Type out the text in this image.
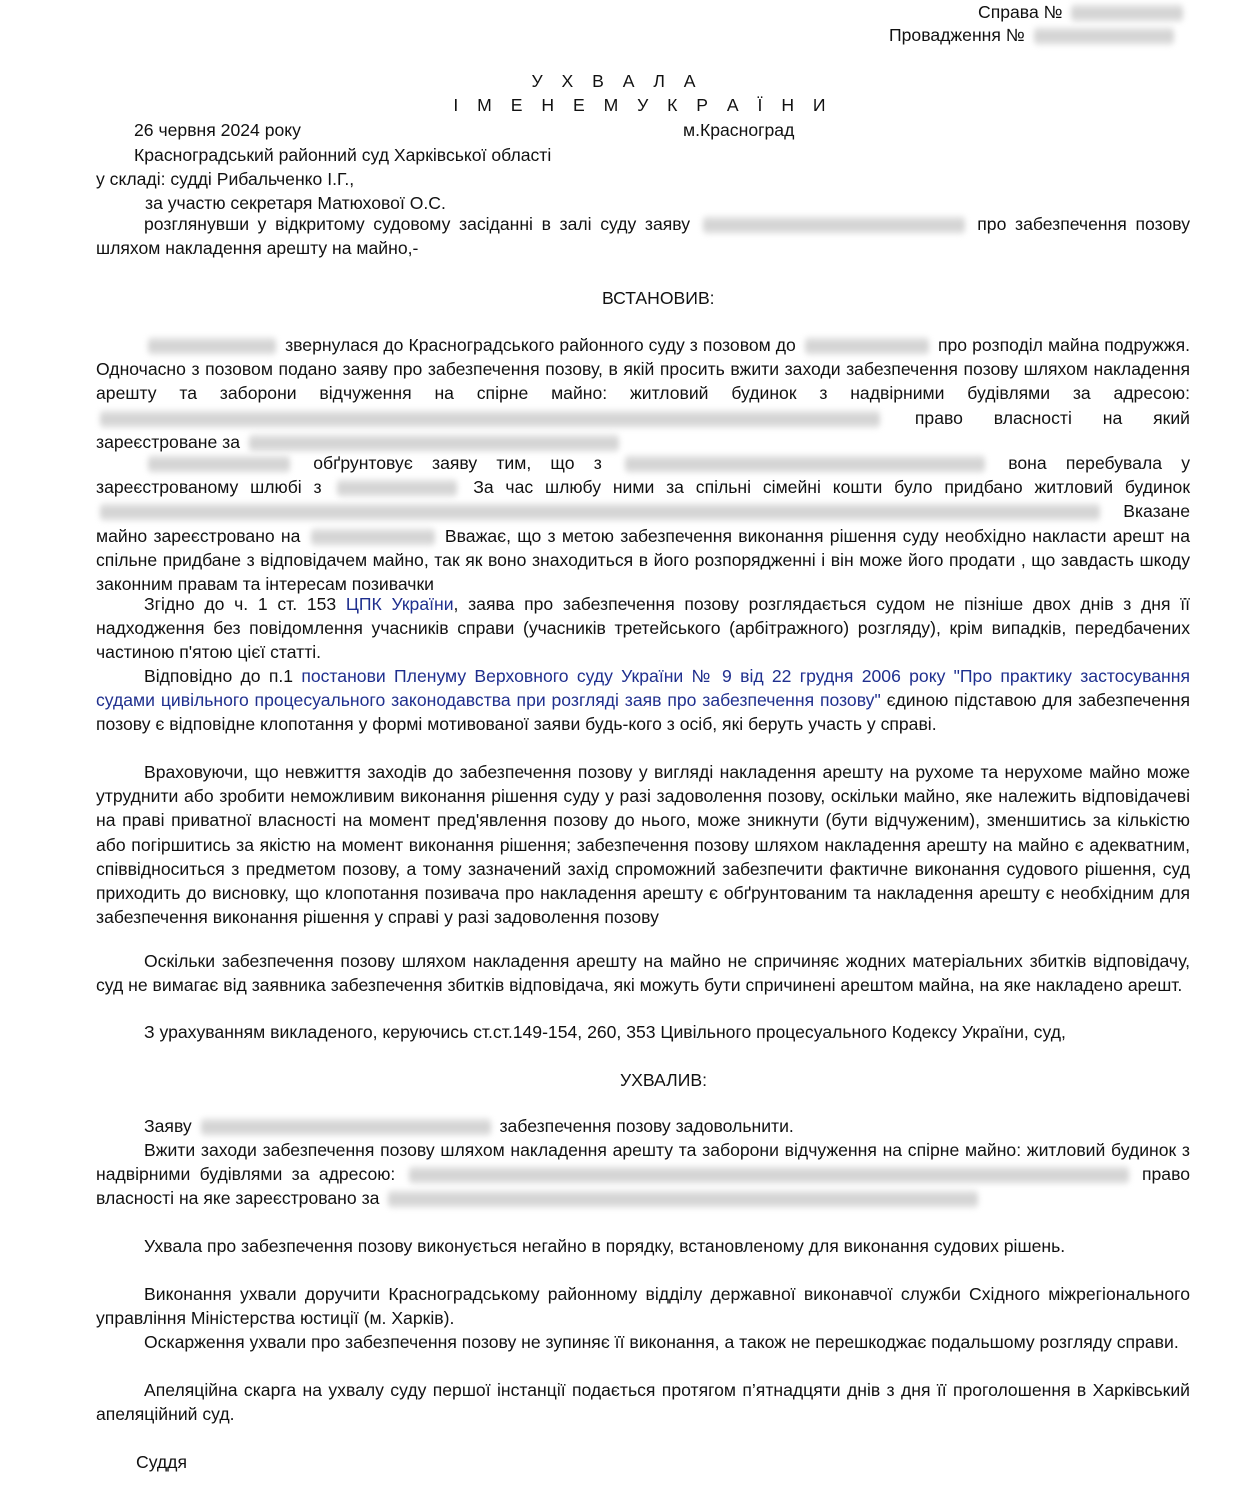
Справа №
Провадження №
У Х В А Л А
І М Е Н Е М У К Р А Ї Н И
26 червня 2024 року	м.Красноград
Красноградський районний суд Харківської області
у складі: судді Рибальченко І.Г.,
за участю секретаря Матюхової О.С.
розглянувши у відкритому судовому засіданні в залі суду заяву	про забезпечення позову шляхом накладення арешту на майно,-
ВСТАНОВИВ:
звернулася до Красноградського районного суду з позовом до	про розподіл майна подружжя. Одночасно з позовом подано заяву про забезпечення позову, в якій просить вжити заходи забезпечення позову шляхом накладення арешту та заборони відчуження на спірне майно: житловий будинок з надвірними будівлями за адресою:  право власності на який зареєстроване за
обґрунтовує заяву тим, що з	вона перебувала у зареєстрованому шлюбі з	За час шлюбу ними за спільні сімейні кошти було придбано житловий будинок  Вказане майно зареєстровано на	Вважає, що з метою забезпечення виконання рішення суду необхідно накласти арешт на спільне придбане з відповідачем майно, так як воно знаходиться в його розпорядженні і він може його продати , що завдасть шкоду законним правам та інтересам позивачки
Згідно до ч. 1 ст. 153 ЦПК України, заява про забезпечення позову розглядається судом не пізніше двох днів з дня її надходження без повідомлення учасників справи (учасників третейського (арбітражного) розгляду), крім випадків, передбачених частиною п'ятою цієї статті.
Відповідно до п.1 постанови Пленуму Верховного суду України № 9 від 22 грудня 2006 року "Про практику застосування судами цивільного процесуального законодавства при розгляді заяв про забезпечення позову" єдиною підставою для забезпечення позову є відповідне клопотання у формі мотивованої заяви будь-кого з осіб, які беруть участь у справі.
Враховуючи, що невжиття заходів до забезпечення позову у вигляді накладення арешту на рухоме та нерухоме майно може утруднити або зробити неможливим виконання рішення суду у разі задоволення позову, оскільки майно, яке належить відповідачеві на праві приватної власності на момент пред'явлення позову до нього, може зникнути (бути відчуженим), зменшитись за кількістю або погіршитись за якістю на момент виконання рішення; забезпечення позову шляхом накладення арешту на майно є адекватним, співвідноситься з предметом позову, а тому зазначений захід спроможний забезпечити фактичне виконання судового рішення, суд приходить до висновку, що клопотання позивача про накладення арешту є обґрунтованим та накладення арешту є необхідним для забезпечення виконання рішення у справі у разі задоволення позову
Оскільки забезпечення позову шляхом накладення арешту на майно не спричиняє жодних матеріальних збитків відповідачу, суд не вимагає від заявника забезпечення збитків відповідача, які можуть бути спричинені арештом майна, на яке накладено арешт.
З урахуванням викладеного, керуючись ст.ст.149-154, 260, 353 Цивільного процесуального Кодексу України, суд,
УХВАЛИВ:
Заяву	забезпечення позову задовольнити.
Вжити заходи забезпечення позову шляхом накладення арешту та заборони відчуження на спірне майно: житловий будинок з надвірними будівлями за адресою:	право власності на яке зареєстровано за
Ухвала про забезпечення позову виконується негайно в порядку, встановленому для виконання судових рішень.
Виконання ухвали доручити Красноградському районному відділу державної виконавчої служби Східного міжрегіонального управління Міністерства юстиції (м. Харків).
Оскарження ухвали про забезпечення позову не зупиняє її виконання, а також не перешкоджає подальшому розгляду справи.
Апеляційна скарга на ухвалу суду першої інстанції подається протягом п’ятнадцяти днів з дня її проголошення в Харківський апеляційний суд.
Суддя
